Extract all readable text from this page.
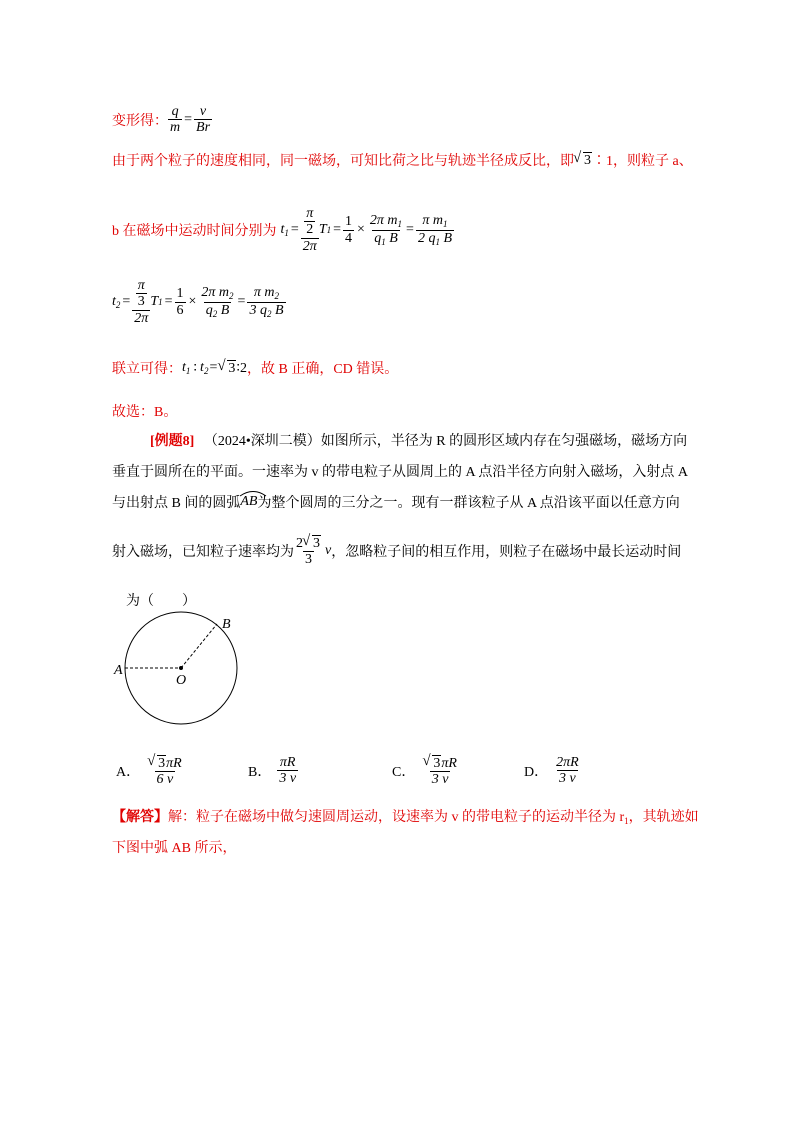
变形得： $\frac{q}{m} = \frac{v}{Br}$
由于两个粒子的速度相同，同一磁场，可知比荷之比与轨迹半径成反比，即 √ 3 ∶1，则粒子 a、
b 在磁场中运动时间分别为 $t_1 = \frac{\frac{\pi}{2}}{2\pi}$ T $1 = \frac{1}{4} \times \frac{2\pi m_1}{q_1 B} = \frac{\pi m_1}{2 q_1 B}$
$t_2 = \frac{\frac{\pi}{3}}{2\pi}$ T $1 = \frac{1}{6} \times \frac{2\pi m_2}{q_2 B} = \frac{\pi m_2}{3 q_2 B}$
联立可得： $t_1$ ∶ $t_2$ = √ 3 ∶2 ，故 B 正确，CD 错误。
故选：B。
[例题8] （2024•深圳二模）如图所示，半径为 R 的圆形区域内存在匀强磁场，磁场方向
垂直于圆所在的平面。一速率为 v 的带电粒子从圆周上的 A 点沿半径方向射入磁场，入射点 A
与出射点 B 间的圆弧 AB 为整个圆周的三分之一。现有一群该粒子从 A 点沿该平面以任意方向
射入磁场，已知粒子速率均为 $\frac{2 √ 3}{3}$ v ，忽略粒子间的相互作用，则粒子在磁场中最长运动时间
为（　　）
A
B
O
A． √ $\frac{3\pi R}{6 v}$	B． $\frac{\pi R}{3 v}$	C． √ $\frac{3\pi R}{3 v}$	D． $\frac{2\pi R}{3 v}$
【解答】解：粒子在磁场中做匀速圆周运动，设速率为 v 的带电粒子的运动半径为 $r_1$，其轨迹如
下图中弧 AB 所示，
